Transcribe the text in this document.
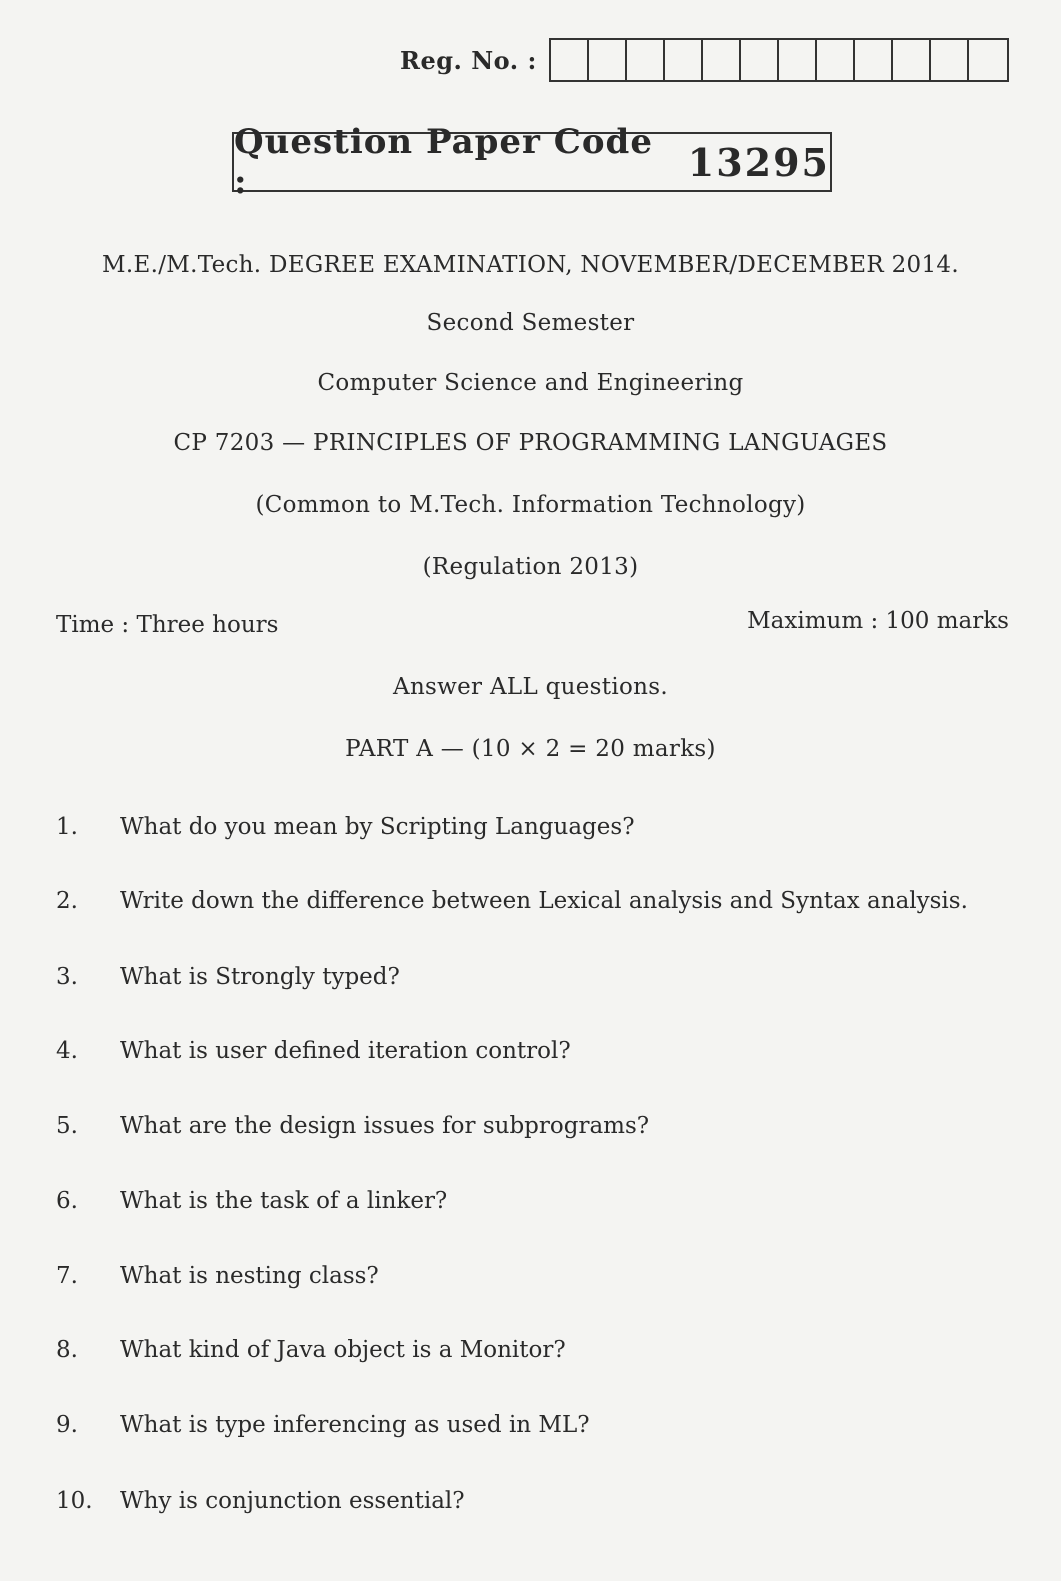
Reg. No. :
Question Paper Code :	13295
M.E./M.Tech. DEGREE EXAMINATION, NOVEMBER/DECEMBER 2014.
Second Semester
Computer Science and Engineering
CP 7203 — PRINCIPLES OF PROGRAMMING LANGUAGES
(Common to M.Tech. Information Technology)
(Regulation 2013)
Time : Three hours	Maximum : 100 marks
Answer ALL questions.
PART A — (10 × 2 = 20 marks)
1.	What do you mean by Scripting Languages?
2.	Write down the difference between Lexical analysis and Syntax analysis.
3.	What is Strongly typed?
4.	What is user defined iteration control?
5.	What are the design issues for subprograms?
6.	What is the task of a linker?
7.	What is nesting class?
8.	What kind of Java object is a Monitor?
9.	What is type inferencing as used in ML?
10.	Why is conjunction essential?
